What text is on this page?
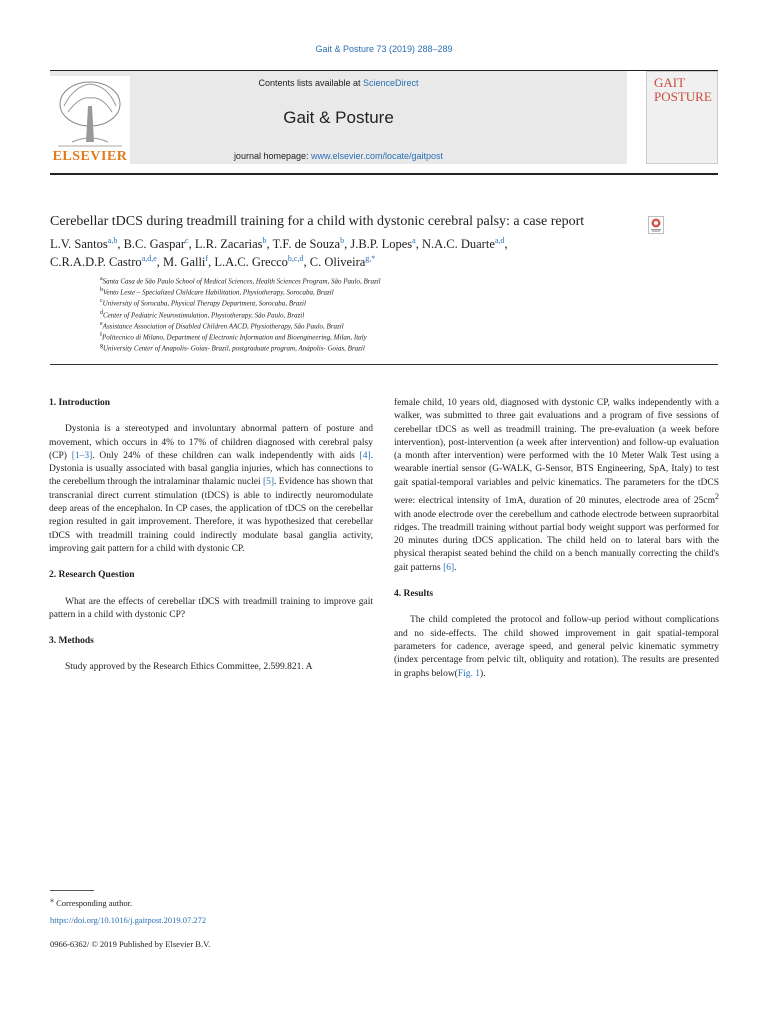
Gait & Posture 73 (2019) 288–289
Contents lists available at ScienceDirect
Gait & Posture
journal homepage: www.elsevier.com/locate/gaitpost
ELSEVIER
GAIT
POSTURE
Cerebellar tDCS during treadmill training for a child with dystonic cerebral palsy: a case report
L.V. Santos$^{a,b}$, B.C. Gaspar$^c$, L.R. Zacarias$^b$, T.F. de Souza$^b$, J.B.P. Lopes$^a$, N.A.C. Duarte$^{a,d}$,
C.R.A.D.P. Castro$^{a,d,e}$, M. Galli$^f$, L.A.C. Grecco$^{b,c,d}$, C. Oliveira$^{g,*}$
$^a$Santa Casa de São Paulo School of Medical Sciences, Health Sciences Program, São Paulo, Brazil
$^b$Vento Leste – Specialized Childcare Habilitation, Physiotherapy, Sorocaba, Brazil
$^c$University of Sorocaba, Physical Therapy Department, Sorocaba, Brazil
$^d$Center of Pediatric Neurostimulation, Physiotherapy, São Paulo, Brazil
$^e$Assistance Association of Disabled Children AACD, Physiotherapy, São Paulo, Brazil
$^f$Politecnico di Milano, Department of Electronic Information and Bioengineering, Milan, Italy
$^g$University Center of Anapolis- Goias- Brazil, postgraduate program, Anápolis- Goias, Brazil
1. Introduction
Dystonia is a stereotyped and involuntary abnormal pattern of posture and movement, which occurs in 4% to 17% of children diagnosed with cerebral palsy (CP) [1–3]. Only 24% of these children can walk independently with aids [4]. Dystonia is usually associated with basal ganglia injuries, which has connections to the cerebellum through the intralaminar thalamic nuclei [5]. Evidence has shown that transcranial direct current stimulation (tDCS) is able to indirectly neuromodulate deep areas of the encephalon. In CP cases, the application of tDCS on the cerebellar region resulted in gait improvement. Therefore, it was hypothesized that cerebellar tDCS with treadmill training could indirectly modulate basal ganglia activity, improving gait pattern for a child with dystonic CP.
2. Research Question
What are the effects of cerebellar tDCS with treadmill training to improve gait pattern in a child with dystonic CP?
3. Methods
Study approved by the Research Ethics Committee, 2.599.821. A
female child, 10 years old, diagnosed with dystonic CP, walks independently with a walker, was submitted to three gait evaluations and a program of five sessions of cerebellar tDCS as well as treadmill training. The pre-evaluation (a week before intervention), post-intervention (a week after intervention) and follow-up evaluation (a month after intervention) were performed with the 10 Meter Walk Test using a wearable inertial sensor (G-WALK, G-Sensor, BTS Engineering, SpA, Italy) to test gait spatial-temporal variables and pelvic kinematics. The parameters for the tDCS were: electrical intensity of 1mA, duration of 20 minutes, electrode area of $25cm^2$ with anode electrode over the cerebellum and cathode electrode between supraorbital ridges. The treadmill training without partial body weight support was performed for 20 minutes during tDCS application. The child held on to lateral bars with the physical therapist seated behind the child on a bench manually correcting the child's gait patterns [6].
4. Results
The child completed the protocol and follow-up period without complications and no side-effects. The child showed improvement in gait spatial-temporal parameters for cadence, average speed, and general pelvic kinematic symmetry (index percentage from pelvic tilt, obliquity and rotation). The results are presented in graphs below(Fig. 1).
⁎ Corresponding author.
https://doi.org/10.1016/j.gaitpost.2019.07.272
0966-6362/ © 2019 Published by Elsevier B.V.
